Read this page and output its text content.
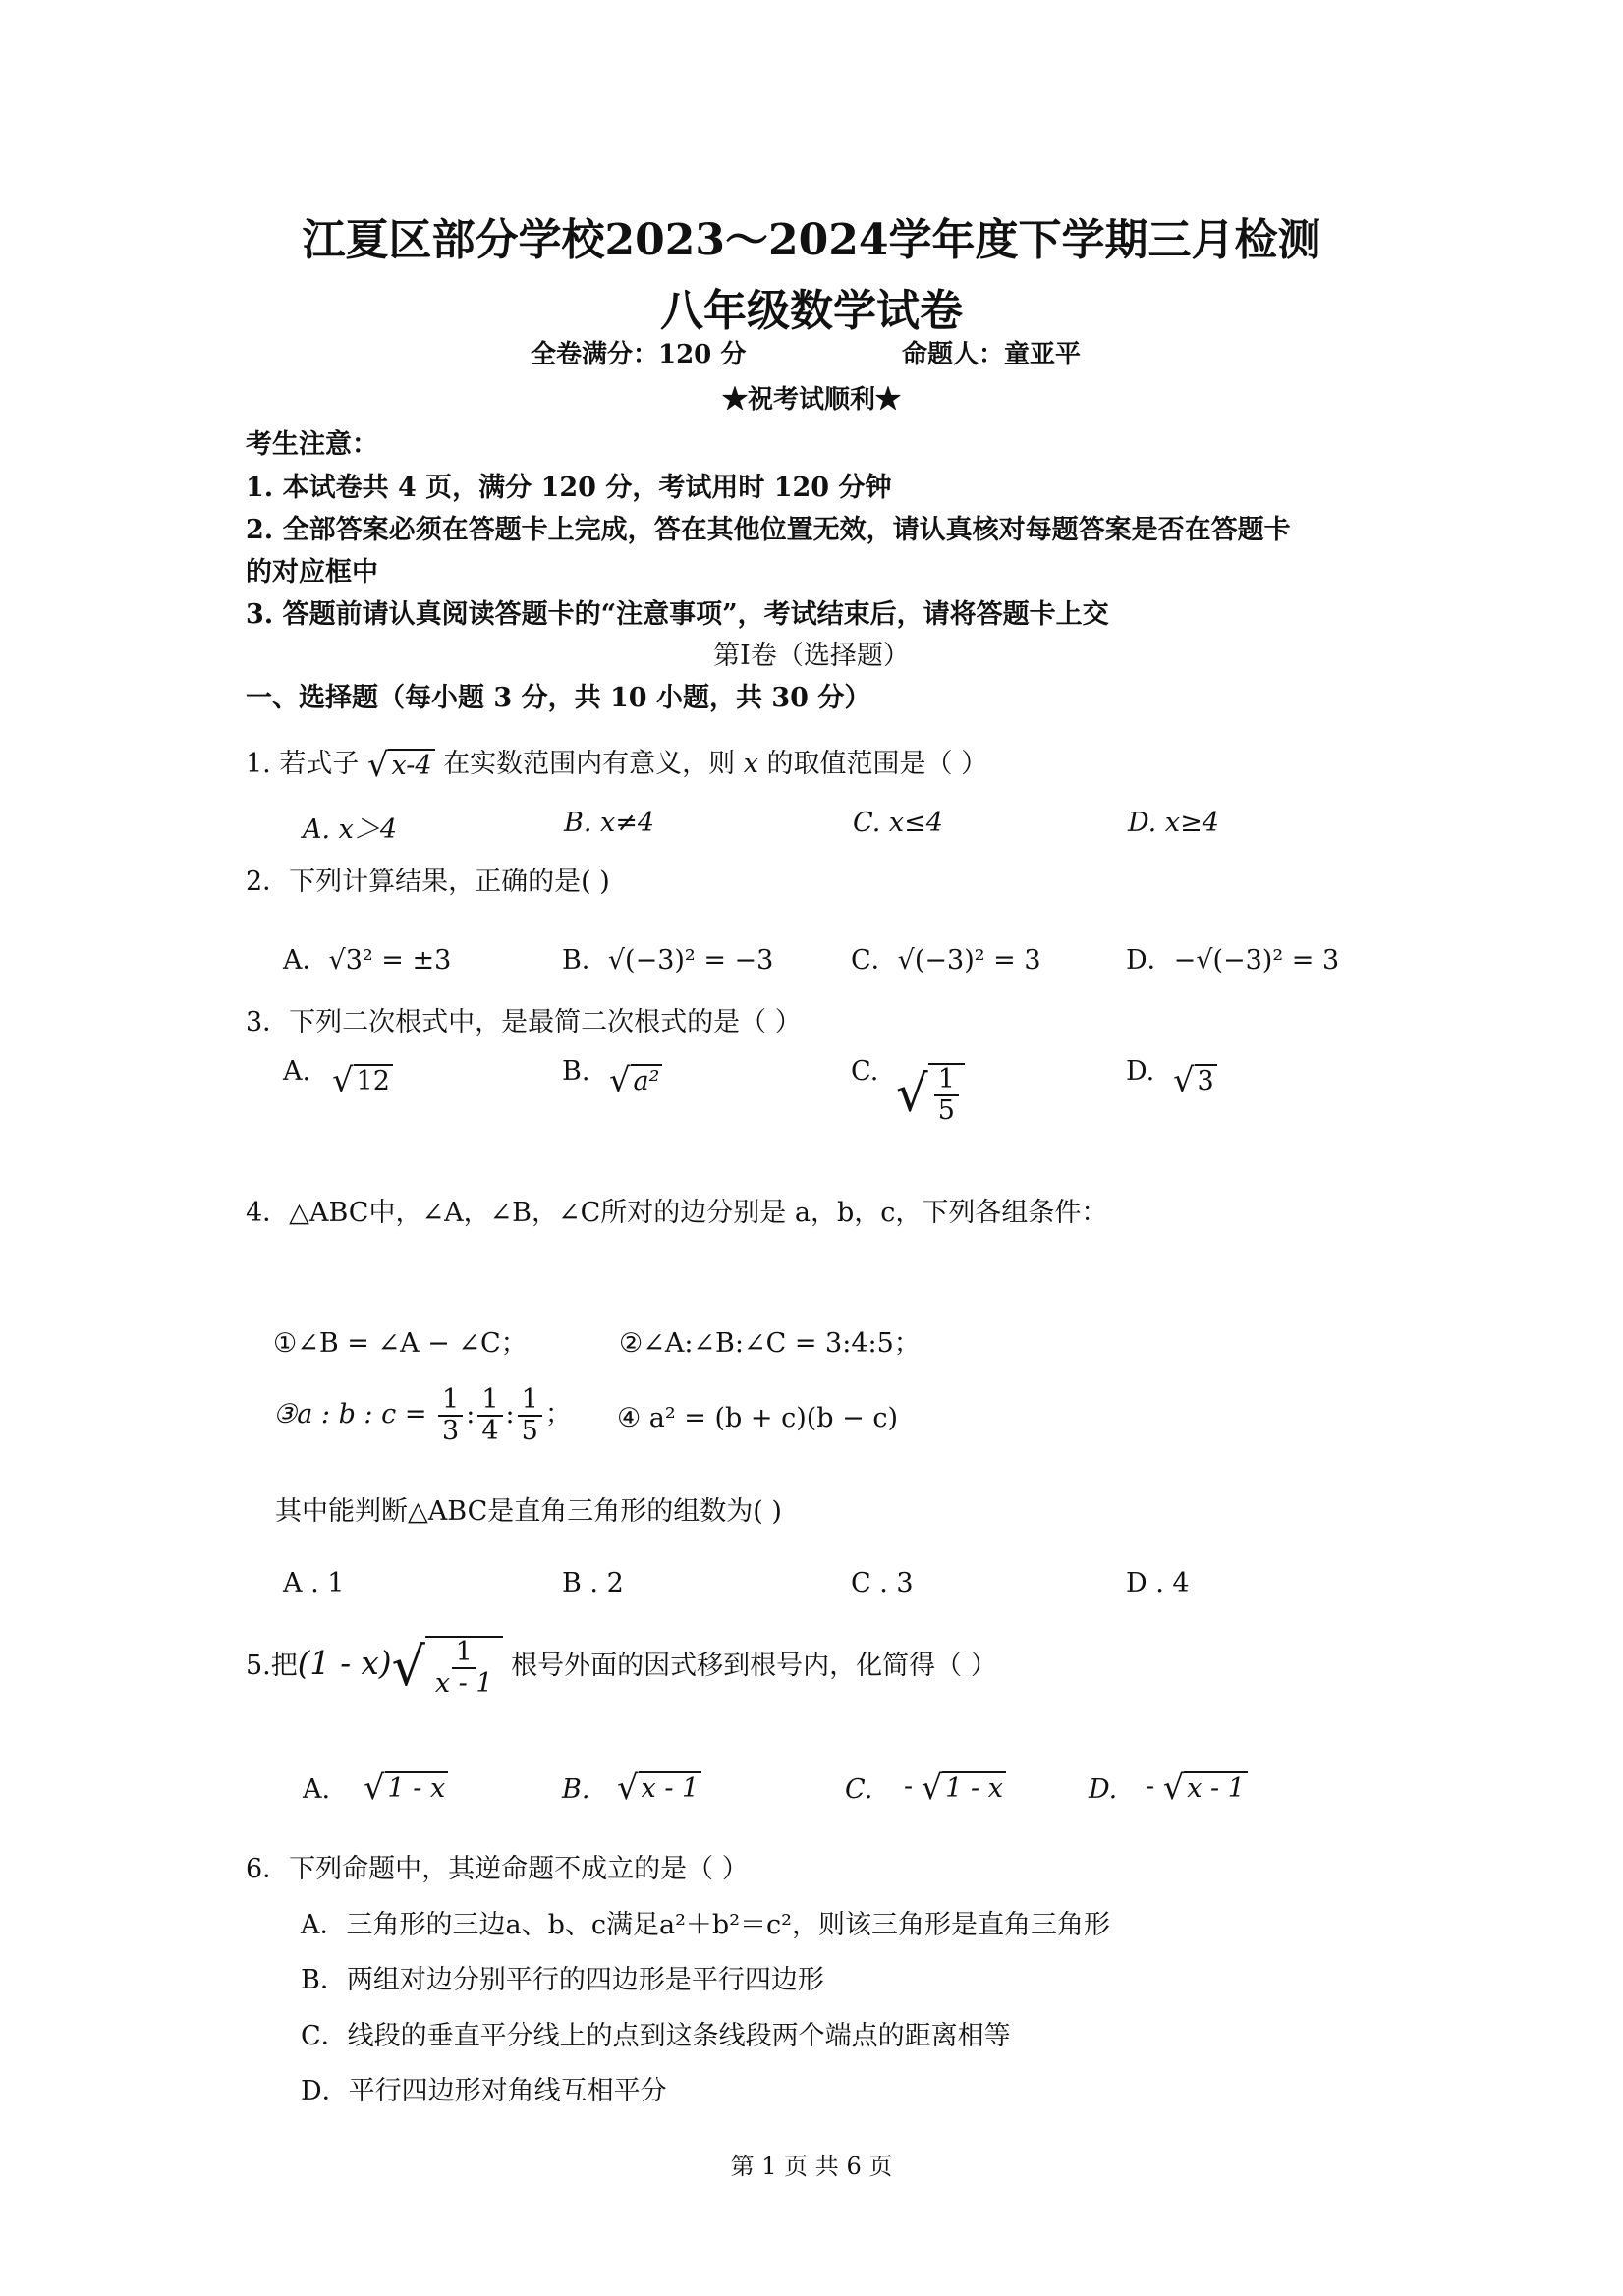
江夏区部分学校2023～2024学年度下学期三月检测
八年级数学试卷
全卷满分：120 分	命题人：童亚平
★祝考试顺利★
考生注意：
1. 本试卷共 4 页，满分 120 分，考试用时 120 分钟
2. 全部答案必须在答题卡上完成，答在其他位置无效，请认真核对每题答案是否在答题卡
的对应框中
3. 答题前请认真阅读答题卡的“注意事项”，考试结束后，请将答题卡上交
第Ⅰ卷（选择题）
一、选择题（每小题 3 分，共 10 小题，共 30 分）
1. 若式子 √ x-4 在实数范围内有意义，则 x 的取值范围是（ ）
A. x＞4	B. x≠4	C. x≤4	D. x≥4
2．下列计算结果，正确的是( )
A．√3² = ±3	B．√(−3)² = −3	C．√(−3)² = 3	D．−√(−3)² = 3
3．下列二次根式中，是最简二次根式的是（ ）
A. √ 12	B. √ a²	C. √ $\frac{1}{5}$	D. √ 3
4．△ABC中，∠A，∠B，∠C所对的边分别是 a，b，c，下列各组条件：
①∠B = ∠A − ∠C；	②∠A:∠B:∠C = 3:4:5；
③a : b : $c = \frac{1}{3}$ : $\frac{1}{4}$ : $\frac{1}{5}$ ； ④ a² = (b + c)(b − c)
其中能判断△ABC是直角三角形的组数为( )
A . 1	B . 2	C . 3	D . 4
5.把$(1 - x)√ \frac{1}{x - 1}$ 根号外面的因式移到根号内，化简得（ ）
A. √ 1 - x	B. √ x - 1	C. - √ 1 - x	D. - √ x - 1
6．下列命题中，其逆命题不成立的是（ ）
A．三角形的三边a、b、c满足a²＋b²＝c²，则该三角形是直角三角形
B．两组对边分别平行的四边形是平行四边形
C．线段的垂直平分线上的点到这条线段两个端点的距离相等
D．平行四边形对角线互相平分
第 1 页 共 6 页
